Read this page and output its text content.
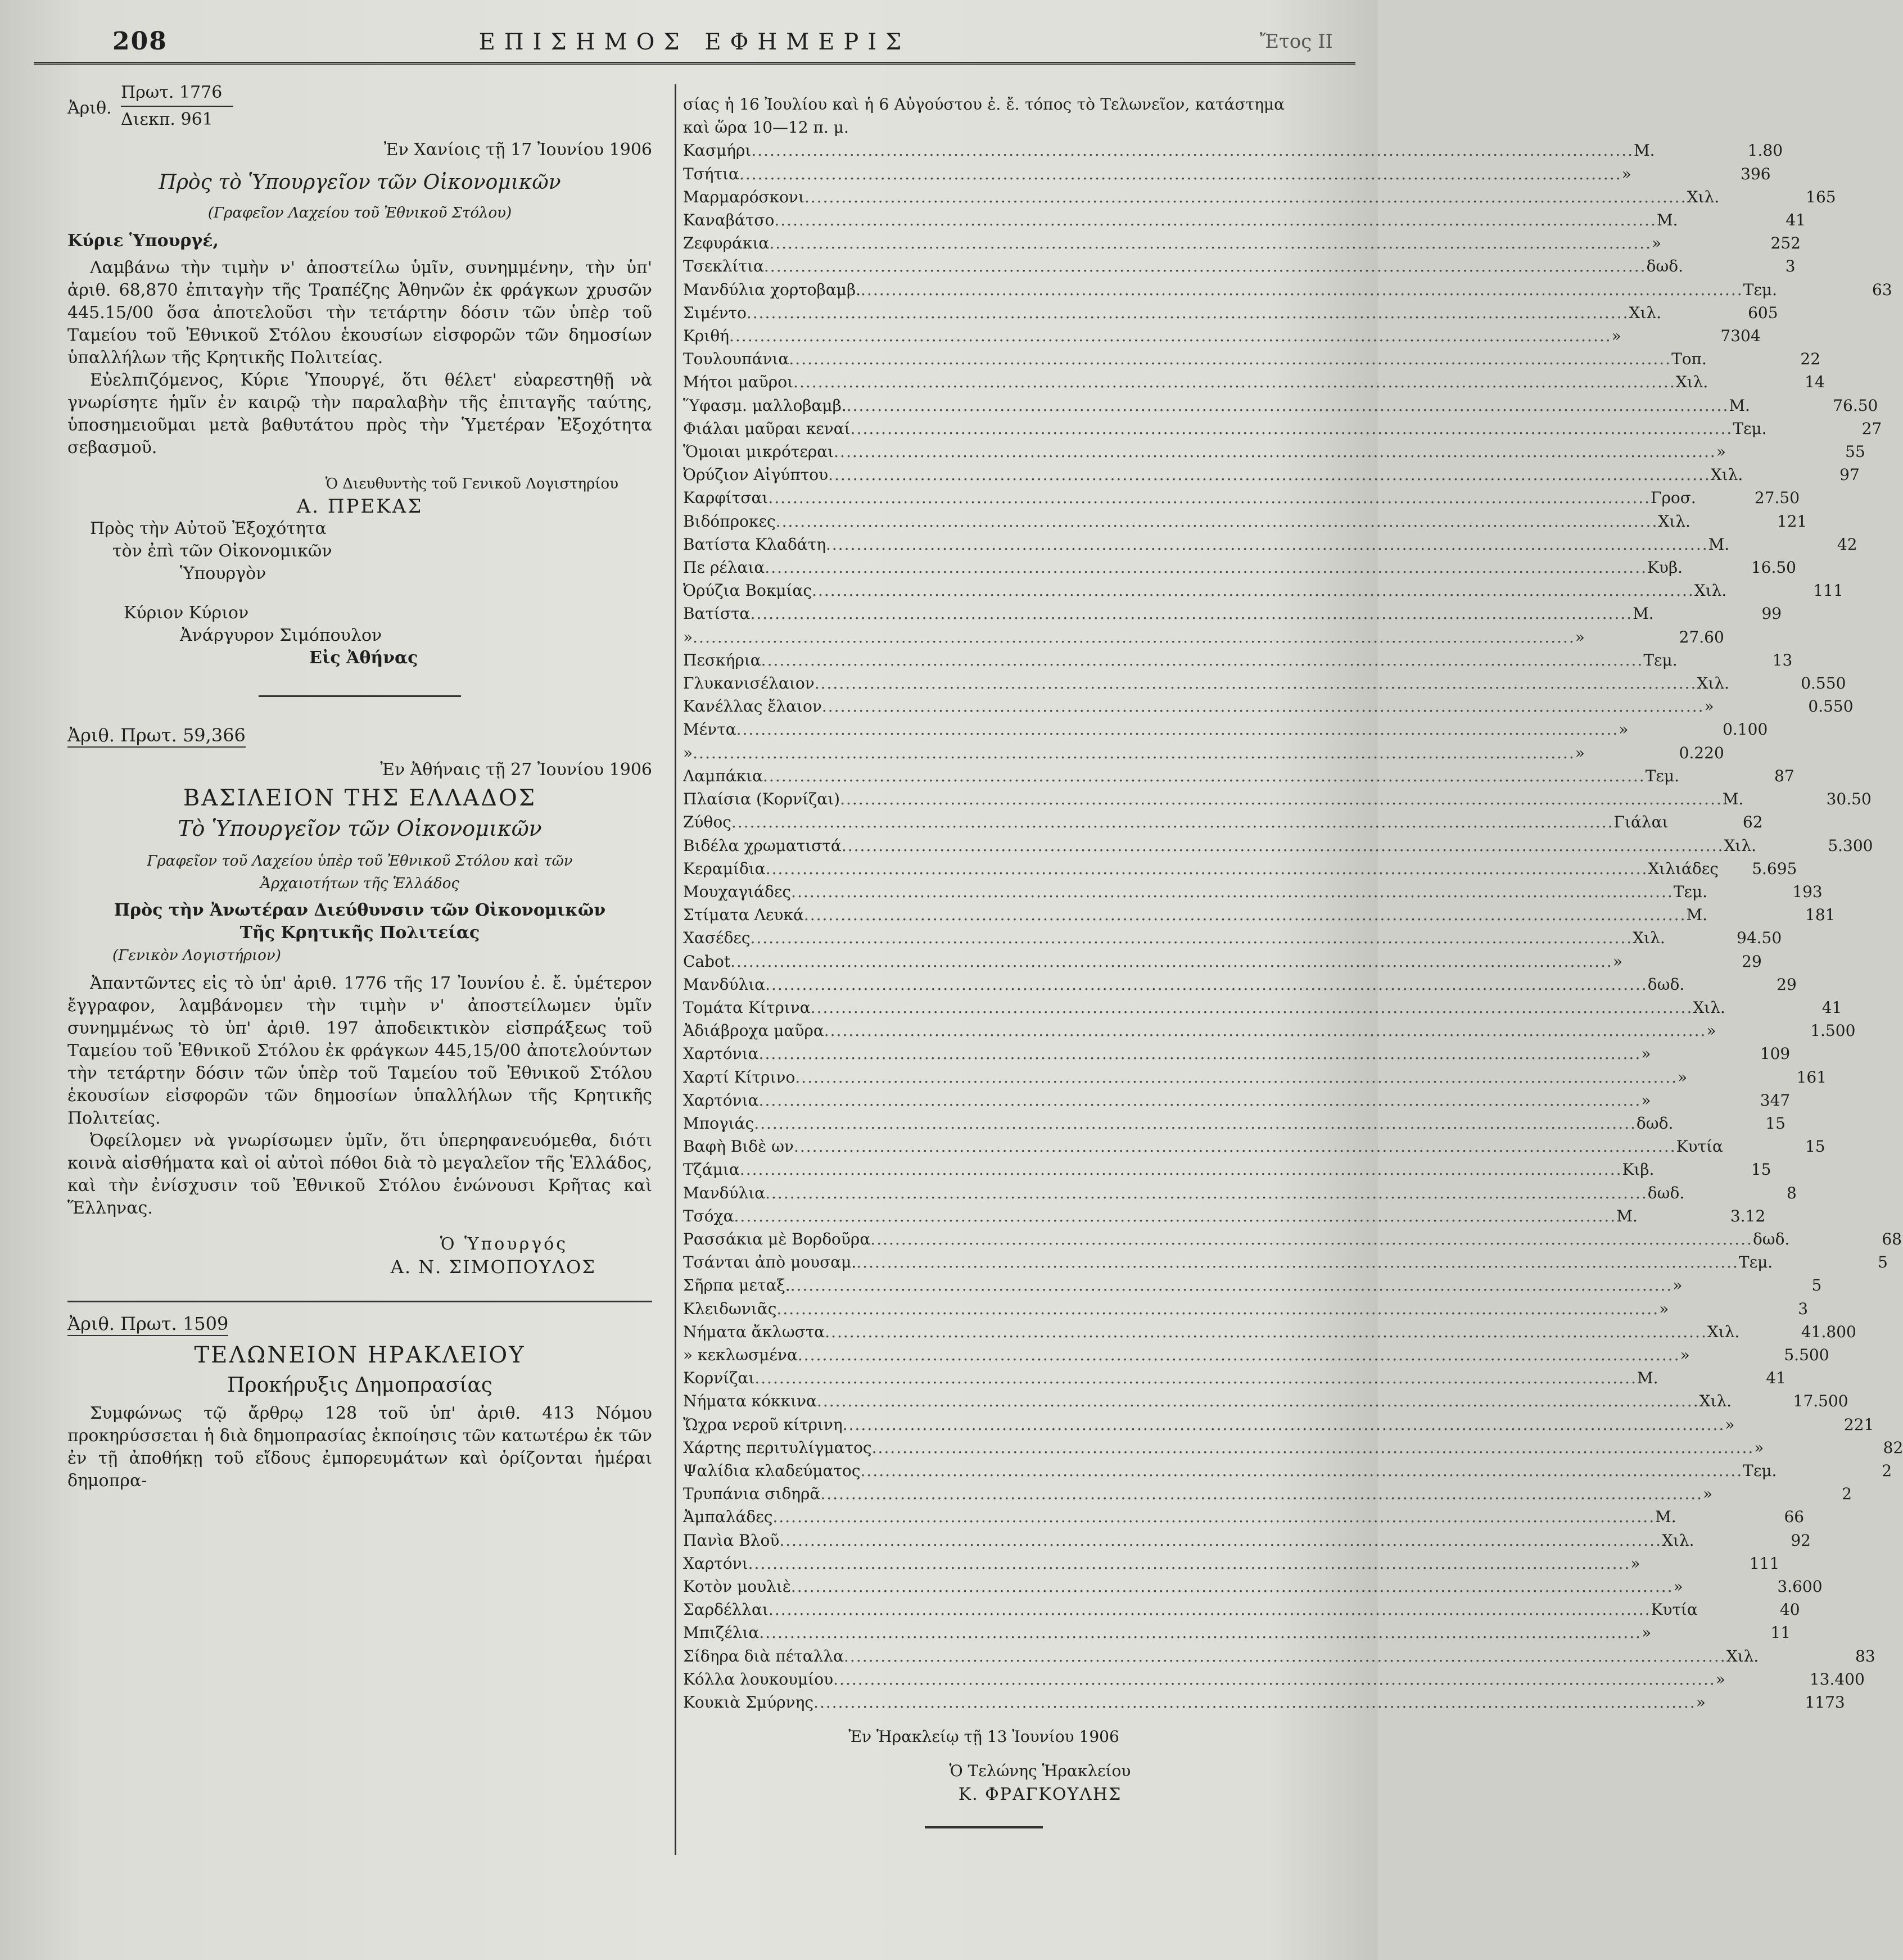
208	ΕΠΙΣΗΜΟΣ ΕΦΗΜΕΡΙΣ	Ἔτος II
Ἀριθ.
Πρωτ. 1776
Διεκπ. 961

Ἐν Χανίοις τῇ 17 Ἰουνίου 1906

Πρὸς τὸ Ὑπουργεῖον τῶν Οἰκονομικῶν

(Γραφεῖον Λαχείου τοῦ Ἐθνικοῦ Στόλου)

Κύριε Ὑπουργέ,

Λαμβάνω τὴν τιμὴν ν' ἀποστείλω ὑμῖν, συνημμένην, τὴν ὑπ' ἀριθ. 68,870 ἐπιταγὴν τῆς Τραπέζης Ἀθηνῶν ἐκ φράγκων χρυσῶν 445.15/00 ὅσα ἀποτελοῦσι τὴν τετάρτην δόσιν τῶν ὑπὲρ τοῦ Ταμείου τοῦ Ἐθνικοῦ Στόλου ἑκουσίων εἰσφορῶν τῶν δημοσίων ὑπαλλήλων τῆς Κρητικῆς Πολιτείας.

Εὐελπιζόμενος, Κύριε Ὑπουργέ, ὅτι θέλετ' εὐαρεστηθῇ νὰ γνωρίσητε ἡμῖν ἐν καιρῷ τὴν παραλαβὴν τῆς ἐπιταγῆς ταύτης, ὑποσημειοῦμαι μετὰ βαθυτάτου πρὸς τὴν Ὑμετέραν Ἐξοχότητα σεβασμοῦ.

Ὁ Διευθυντὴς τοῦ Γενικοῦ Λογιστηρίου

Α. ΠΡΕΚΑΣ

Πρὸς τὴν Αὐτοῦ Ἐξοχότητα

τὸν ἐπὶ τῶν Οἰκονομικῶν

Ὑπουργὸν

Κύριον Κύριον

Ἀνάργυρον Σιμόπουλον

Εἰς Ἀθήνας

Ἀριθ. Πρωτ. 59,366

Ἐν Ἀθήναις τῇ 27 Ἰουνίου 1906

ΒΑΣΙΛΕΙΟΝ ΤΗΣ ΕΛΛΑΔΟΣ

Τὸ Ὑπουργεῖον τῶν Οἰκονομικῶν

Γραφεῖον τοῦ Λαχείου ὑπὲρ τοῦ Ἐθνικοῦ Στόλου καὶ τῶν Ἀρχαιοτήτων τῆς Ἑλλάδος

Πρὸς τὴν Ἀνωτέραν Διεύθυνσιν τῶν Οἰκονομικῶν

Τῆς Κρητικῆς Πολιτείας

(Γενικὸν Λογιστήριον)

Ἀπαντῶντες εἰς τὸ ὑπ' ἀριθ. 1776 τῆς 17 Ἰουνίου ἐ. ἔ. ὑμέτερον ἔγγραφον, λαμβάνομεν τὴν τιμὴν ν' ἀποστείλωμεν ὑμῖν συνημμένως τὸ ὑπ' ἀριθ. 197 ἀποδεικτικὸν εἰσπράξεως τοῦ Ταμείου τοῦ Ἐθνικοῦ Στόλου ἐκ φράγκων 445,15/00 ἀποτελούντων τὴν τετάρτην δόσιν τῶν ὑπὲρ τοῦ Ταμείου τοῦ Ἐθνικοῦ Στόλου ἑκουσίων εἰσφορῶν τῶν δημοσίων ὑπαλλήλων τῆς Κρητικῆς Πολιτείας.

Ὀφείλομεν νὰ γνωρίσωμεν ὑμῖν, ὅτι ὑπερηφανευόμεθα, διότι κοινὰ αἰσθήματα καὶ οἱ αὐτοὶ πόθοι διὰ τὸ μεγαλεῖον τῆς Ἑλλάδος, καὶ τὴν ἐνίσχυσιν τοῦ Ἐθνικοῦ Στόλου ἑνώνουσι Κρῆτας καὶ Ἕλληνας.

Ὁ Ὑπουργός

Α. Ν. ΣΙΜΟΠΟΥΛΟΣ

Ἀριθ. Πρωτ. 1509

ΤΕΛΩΝΕΙΟΝ ΗΡΑΚΛΕΙΟΥ

Προκήρυξις Δημοπρασίας

Συμφώνως τῷ ἄρθρῳ 128 τοῦ ὑπ' ἀριθ. 413 Νόμου προκηρύσσεται ἡ διὰ δημοπρασίας ἐκποίησις τῶν κατωτέρω ἐκ τῶν ἐν τῇ ἀποθήκῃ τοῦ εἴδους ἐμπορευμάτων καὶ ὁρίζονται ἡμέραι δημοπρα-

σίας ἡ 16 Ἰουλίου καὶ ἡ 6 Αὐγούστου ἐ. ἔ. τόπος τὸ Τελωνεῖον, κατάστημα καὶ ὥρα 10—12 π. μ.

Κασμήρι .....	Μ.	1.80
Τσήτια .....	»	396
Μαρμαρόσκονι .....	Χιλ.	165
Καναβάτσο .....	Μ.	41
Ζεφυράκια .....	»	252
Τσεκλίτια .....	δωδ.	3
Μανδύλια χορτοβαμβ. .....	Τεμ.	63
Σιμέντο .....	Χιλ.	605
Κριθή .....	»	7304
Τουλουπάνια .....	Τοπ.	22
Μήτοι μαῦροι .....	Χιλ.	14
Ὕφασμ. μαλλοβαμβ. .....	Μ.	76.50
Φιάλαι μαῦραι κεναί .....	Τεμ.	27
Ὅμοιαι μικρότεραι .....	»	55
Ὀρύζιον Αἰγύπτου .....	Χιλ.	97
Καρφίτσαι .....	Γροσ.	27.50
Βιδόπροκες .....	Χιλ.	121
Βατίστα Κλαδάτη .....	Μ.	42
Πε ρέλαια .....	Κυβ.	16.50
Ὀρύζια Βοκμίας .....	Χιλ.	111
Βατίστα .....	Μ.	99
» .....	»	27.60
Πεσκήρια .....	Τεμ.	13
Γλυκανισέλαιον .....	Χιλ.	0.550
Κανέλλας ἔλαιον .....	»	0.550
Μέντα .....	»	0.100
» .....	»	0.220
Λαμπάκια .....	Τεμ.	87
Πλαίσια (Κορνίζαι) .....	Μ.	30.50
Ζύθος .....	Γιάλαι	62
Βιδέλα χρωματιστά .....	Χιλ.	5.300
Κεραμίδια .....	Χιλιάδες	5.695
Μουχαγιάδες .....	Τεμ.	193
Στίματα Λευκά .....	Μ.	181
Χασέδες .....	Χιλ.	94.50
Cabot .....	»	29
Μανδύλια .....	δωδ.	29
Τομάτα Κίτρινα .....	Χιλ.	41
Ἀδιάβροχα μαῦρα .....	»	1.500
Χαρτόνια .....	»	109
Χαρτί Κίτρινο .....	»	161
Χαρτόνια .....	»	347
Μπογιάς .....	δωδ.	15
Βαφὴ Βιδὲ ων .....	Κυτία	15
Τζάμια .....	Κιβ.	15
Μανδύλια .....	δωδ.	8
Τσόχα .....	Μ.	3.12
Ρασσάκια μὲ Βορδοῦρα .....	δωδ.	68
Τσάνται ἀπὸ μουσαμ. .....	Τεμ.	5
Σῆρπα μεταξ. .....	»	5
Κλειδωνιᾶς .....	»	3
Νήματα ἄκλωστα .....	Χιλ.	41.800
» κεκλωσμένα .....	»	5.500
Κορνίζαι .....	Μ.	41
Νήματα κόκκινα .....	Χιλ.	17.500
Ὤχρα νεροῦ κίτρινη .....	»	221
Χάρτης περιτυλίγματος .....	»	82
Ψαλίδια κλαδεύματος .....	Τεμ.	2
Τρυπάνια σιδηρᾶ .....	»	2
Ἀμπαλάδες .....	Μ.	66
Πανὶα Βλοῦ .....	Χιλ.	92
Χαρτόνι .....	»	111
Κοτὸν μουλιὲ .....	»	3.600
Σαρδέλλαι .....	Κυτία	40
Μπιζέλια .....	»	11
Σίδηρα διὰ πέταλλα .....	Χιλ.	83
Κόλλα λουκουμίου .....	»	13.400
Κουκιὰ Σμύρνης .....	»	1173

Ἐν Ἡρακλείῳ τῇ 13 Ἰουνίου 1906

Ὁ Τελώνης Ἡρακλείου

Κ. ΦΡΑΓΚΟΥΛΗΣ
